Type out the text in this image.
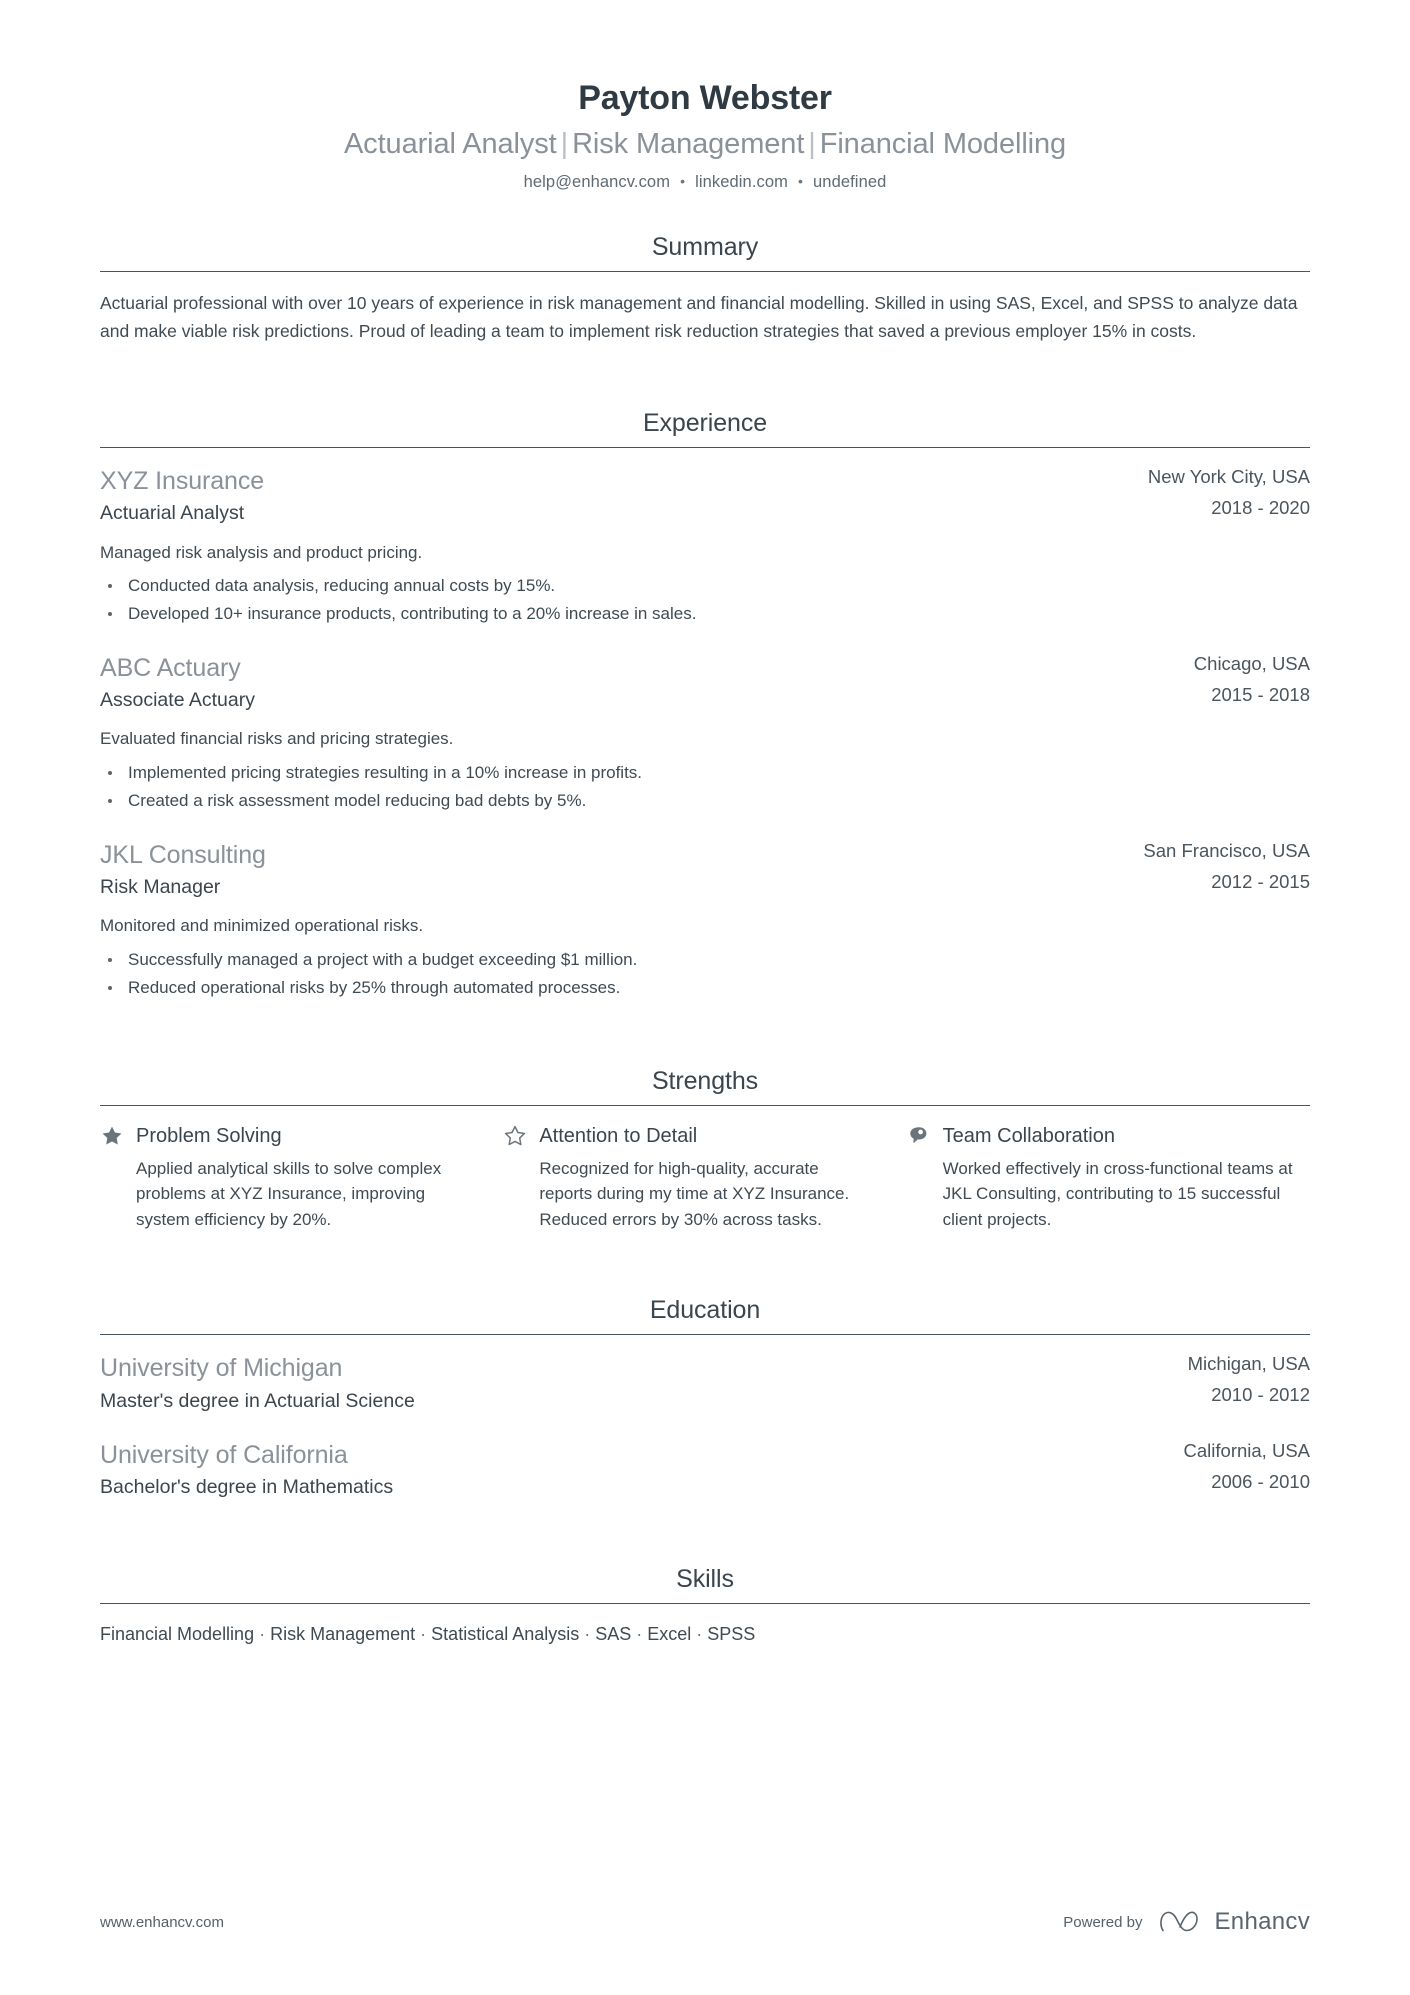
Payton Webster
Actuarial Analyst | Risk Management | Financial Modelling
help@enhancv.com • linkedin.com • undefined
Summary
Actuarial professional with over 10 years of experience in risk management and financial modelling. Skilled in using SAS, Excel, and SPSS to analyze data and make viable risk predictions. Proud of leading a team to implement risk reduction strategies that saved a previous employer 15% in costs.
Experience
XYZ Insurance
Actuarial Analyst
New York City, USA
2018 - 2020
Managed risk analysis and product pricing.
Conducted data analysis, reducing annual costs by 15%.
Developed 10+ insurance products, contributing to a 20% increase in sales.
ABC Actuary
Associate Actuary
Chicago, USA
2015 - 2018
Evaluated financial risks and pricing strategies.
Implemented pricing strategies resulting in a 10% increase in profits.
Created a risk assessment model reducing bad debts by 5%.
JKL Consulting
Risk Manager
San Francisco, USA
2012 - 2015
Monitored and minimized operational risks.
Successfully managed a project with a budget exceeding $1 million.
Reduced operational risks by 25% through automated processes.
Strengths
Problem Solving
Applied analytical skills to solve complex problems at XYZ Insurance, improving system efficiency by 20%.
Attention to Detail
Recognized for high-quality, accurate reports during my time at XYZ Insurance. Reduced errors by 30% across tasks.
Team Collaboration
Worked effectively in cross-functional teams at JKL Consulting, contributing to 15 successful client projects.
Education
University of Michigan
Master's degree in Actuarial Science
Michigan, USA
2010 - 2012
University of California
Bachelor's degree in Mathematics
California, USA
2006 - 2010
Skills
Financial Modelling · Risk Management · Statistical Analysis · SAS · Excel · SPSS
www.enhancv.com	Powered by	Enhancv
